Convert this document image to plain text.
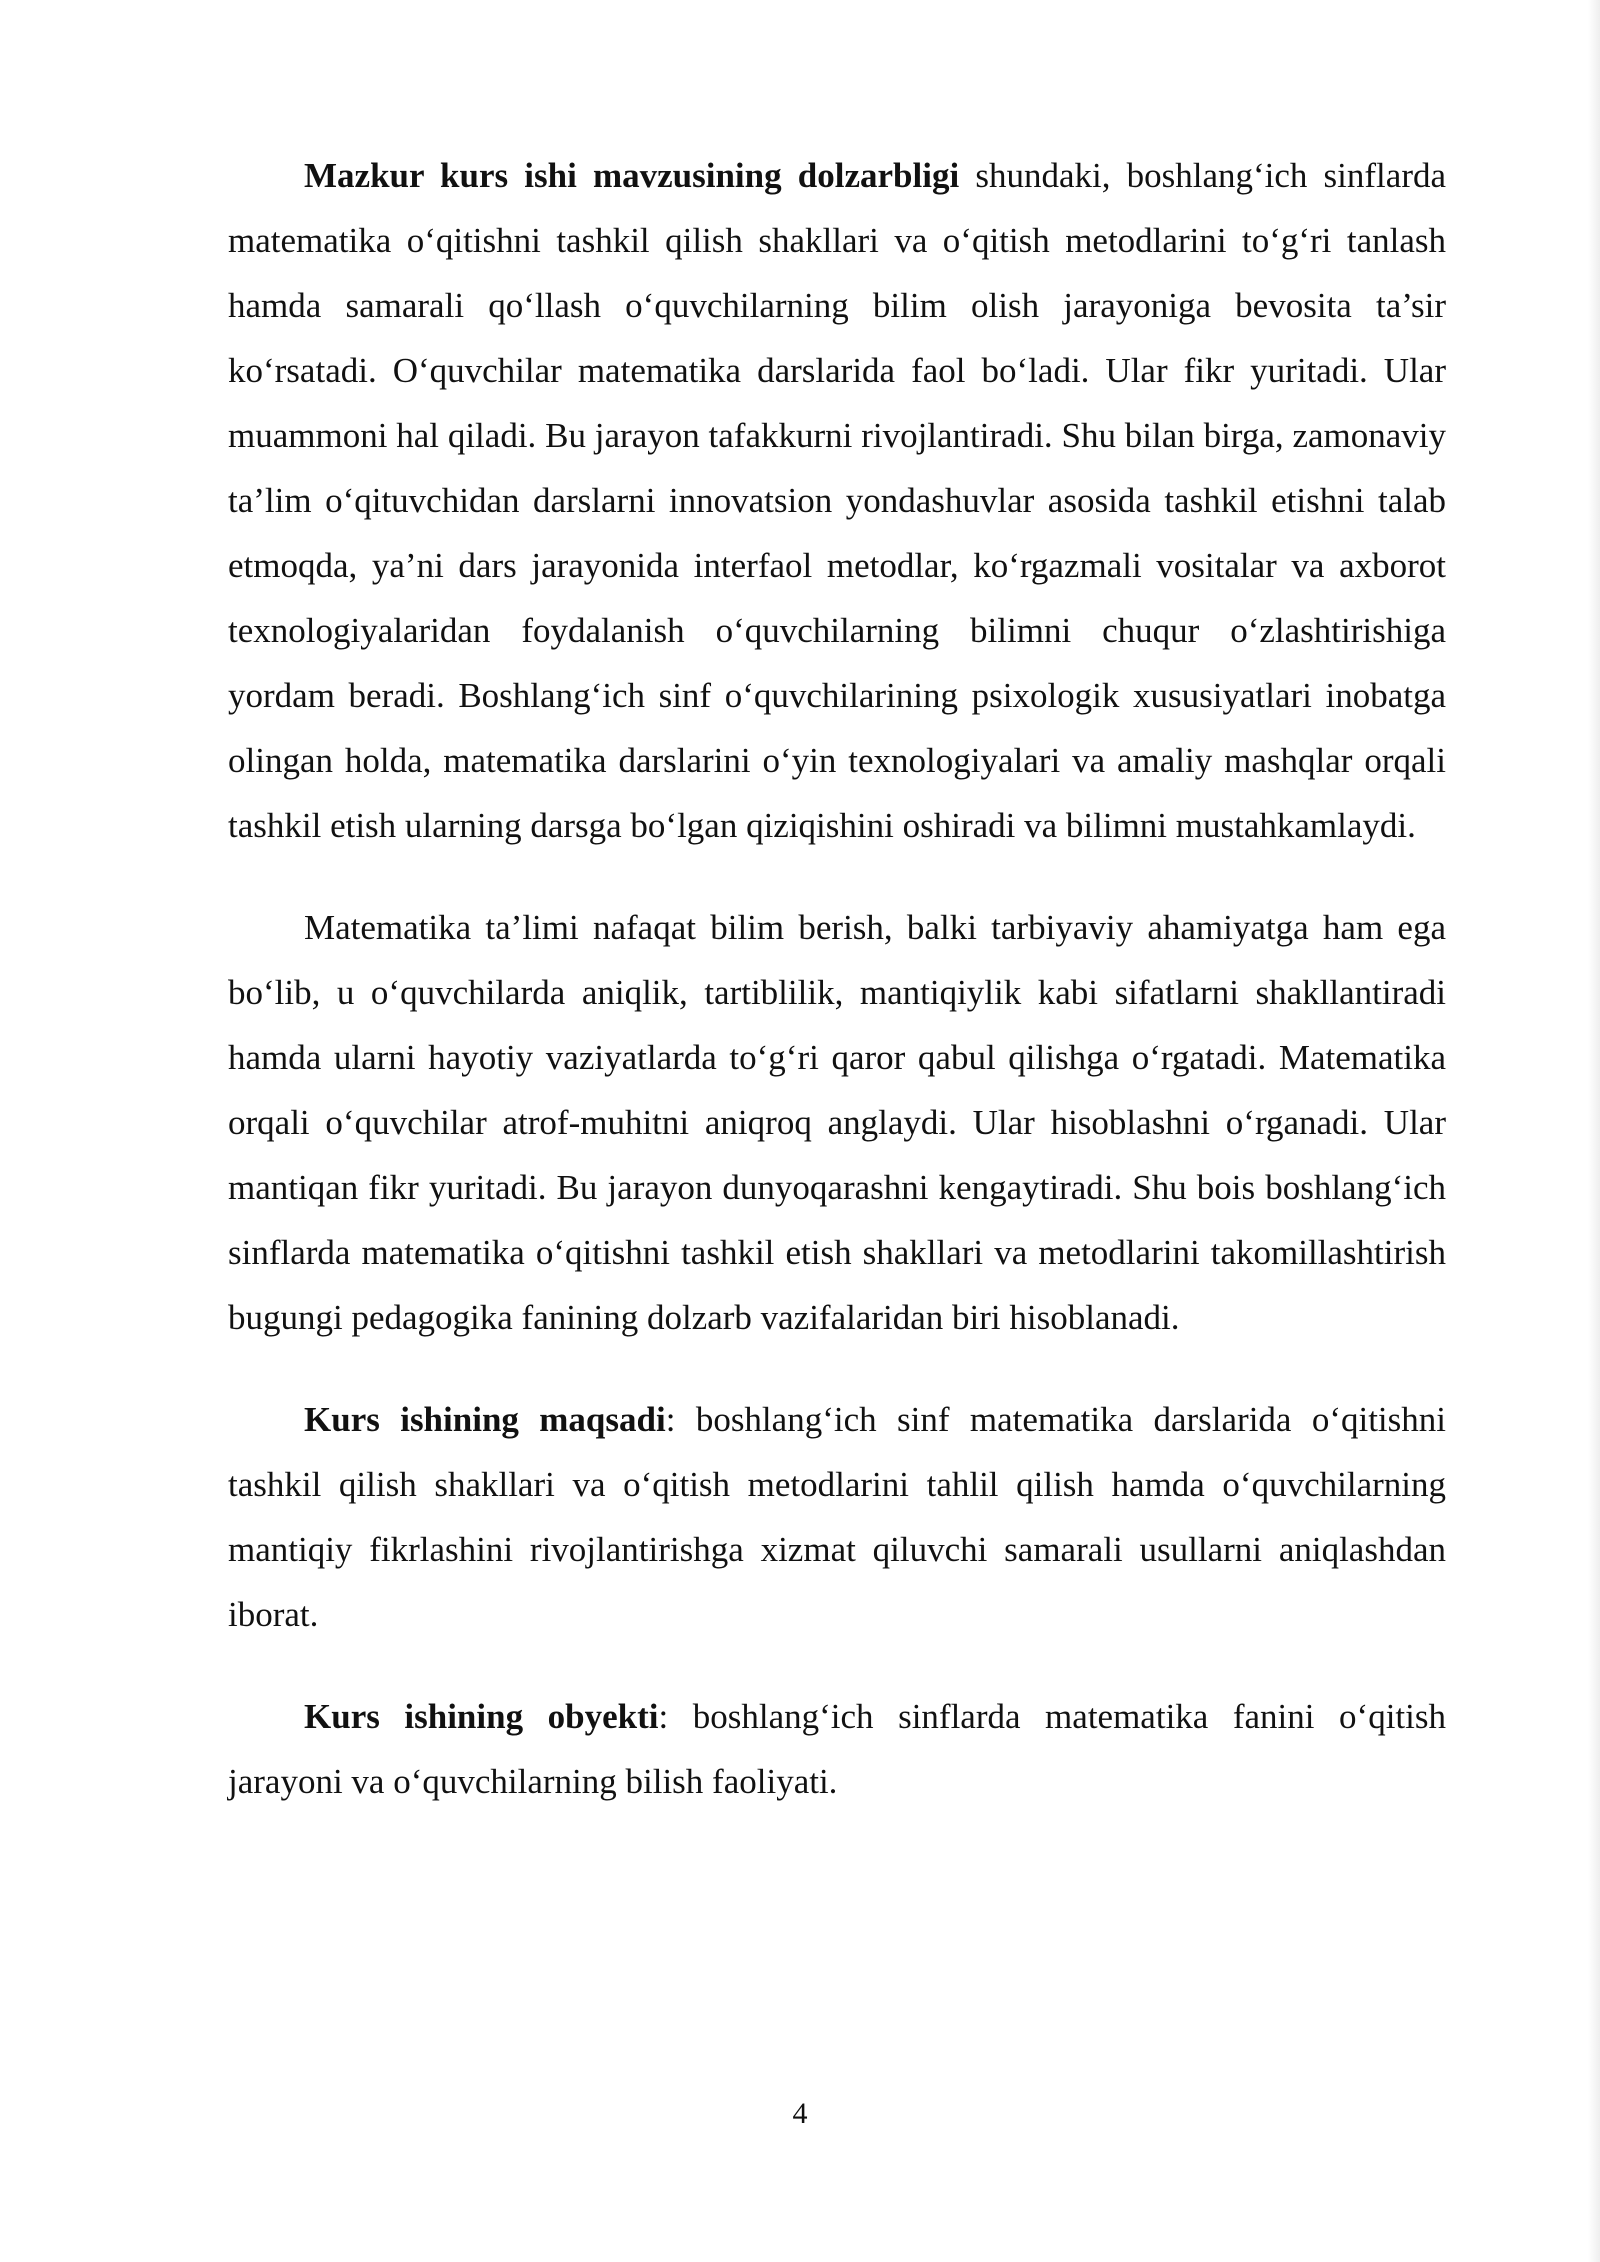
Mazkur kurs ishi mavzusining dolzarbligi shundaki, boshlang‘ich sinflarda matematika o‘qitishni tashkil qilish shakllari va o‘qitish metodlarini to‘g‘ri tanlash hamda samarali qo‘llash o‘quvchilarning bilim olish jarayoniga bevosita ta’sir ko‘rsatadi. O‘quvchilar matematika darslarida faol bo‘ladi. Ular fikr yuritadi. Ular muammoni hal qiladi. Bu jarayon tafakkurni rivojlantiradi. Shu bilan birga, zamonaviy ta’lim o‘qituvchidan darslarni innovatsion yondashuvlar asosida tashkil etishni talab etmoqda, ya’ni dars jarayonida interfaol metodlar, ko‘rgazmali vositalar va axborot texnologiyalaridan foydalanish o‘quvchilarning bilimni chuqur o‘zlashtirishiga yordam beradi. Boshlang‘ich sinf o‘quvchilarining psixologik xususiyatlari inobatga olingan holda, matematika darslarini o‘yin texnologiyalari va amaliy mashqlar orqali tashkil etish ularning darsga bo‘lgan qiziqishini oshiradi va bilimni mustahkamlaydi.

Matematika ta’limi nafaqat bilim berish, balki tarbiyaviy ahamiyatga ham ega bo‘lib, u o‘quvchilarda aniqlik, tartiblilik, mantiqiylik kabi sifatlarni shakllantiradi hamda ularni hayotiy vaziyatlarda to‘g‘ri qaror qabul qilishga o‘rgatadi. Matematika orqali o‘quvchilar atrof-muhitni aniqroq anglaydi. Ular hisoblashni o‘rganadi. Ular mantiqan fikr yuritadi. Bu jarayon dunyoqarashni kengaytiradi. Shu bois boshlang‘ich sinflarda matematika o‘qitishni tashkil etish shakllari va metodlarini takomillashtirish bugungi pedagogika fanining dolzarb vazifalaridan biri hisoblanadi.

Kurs ishining maqsadi: boshlang‘ich sinf matematika darslarida o‘qitishni tashkil qilish shakllari va o‘qitish metodlarini tahlil qilish hamda o‘quvchilarning mantiqiy fikrlashini rivojlantirishga xizmat qiluvchi samarali usullarni aniqlashdan iborat.

Kurs ishining obyekti: boshlang‘ich sinflarda matematika fanini o‘qitish jarayoni va o‘quvchilarning bilish faoliyati.

4
